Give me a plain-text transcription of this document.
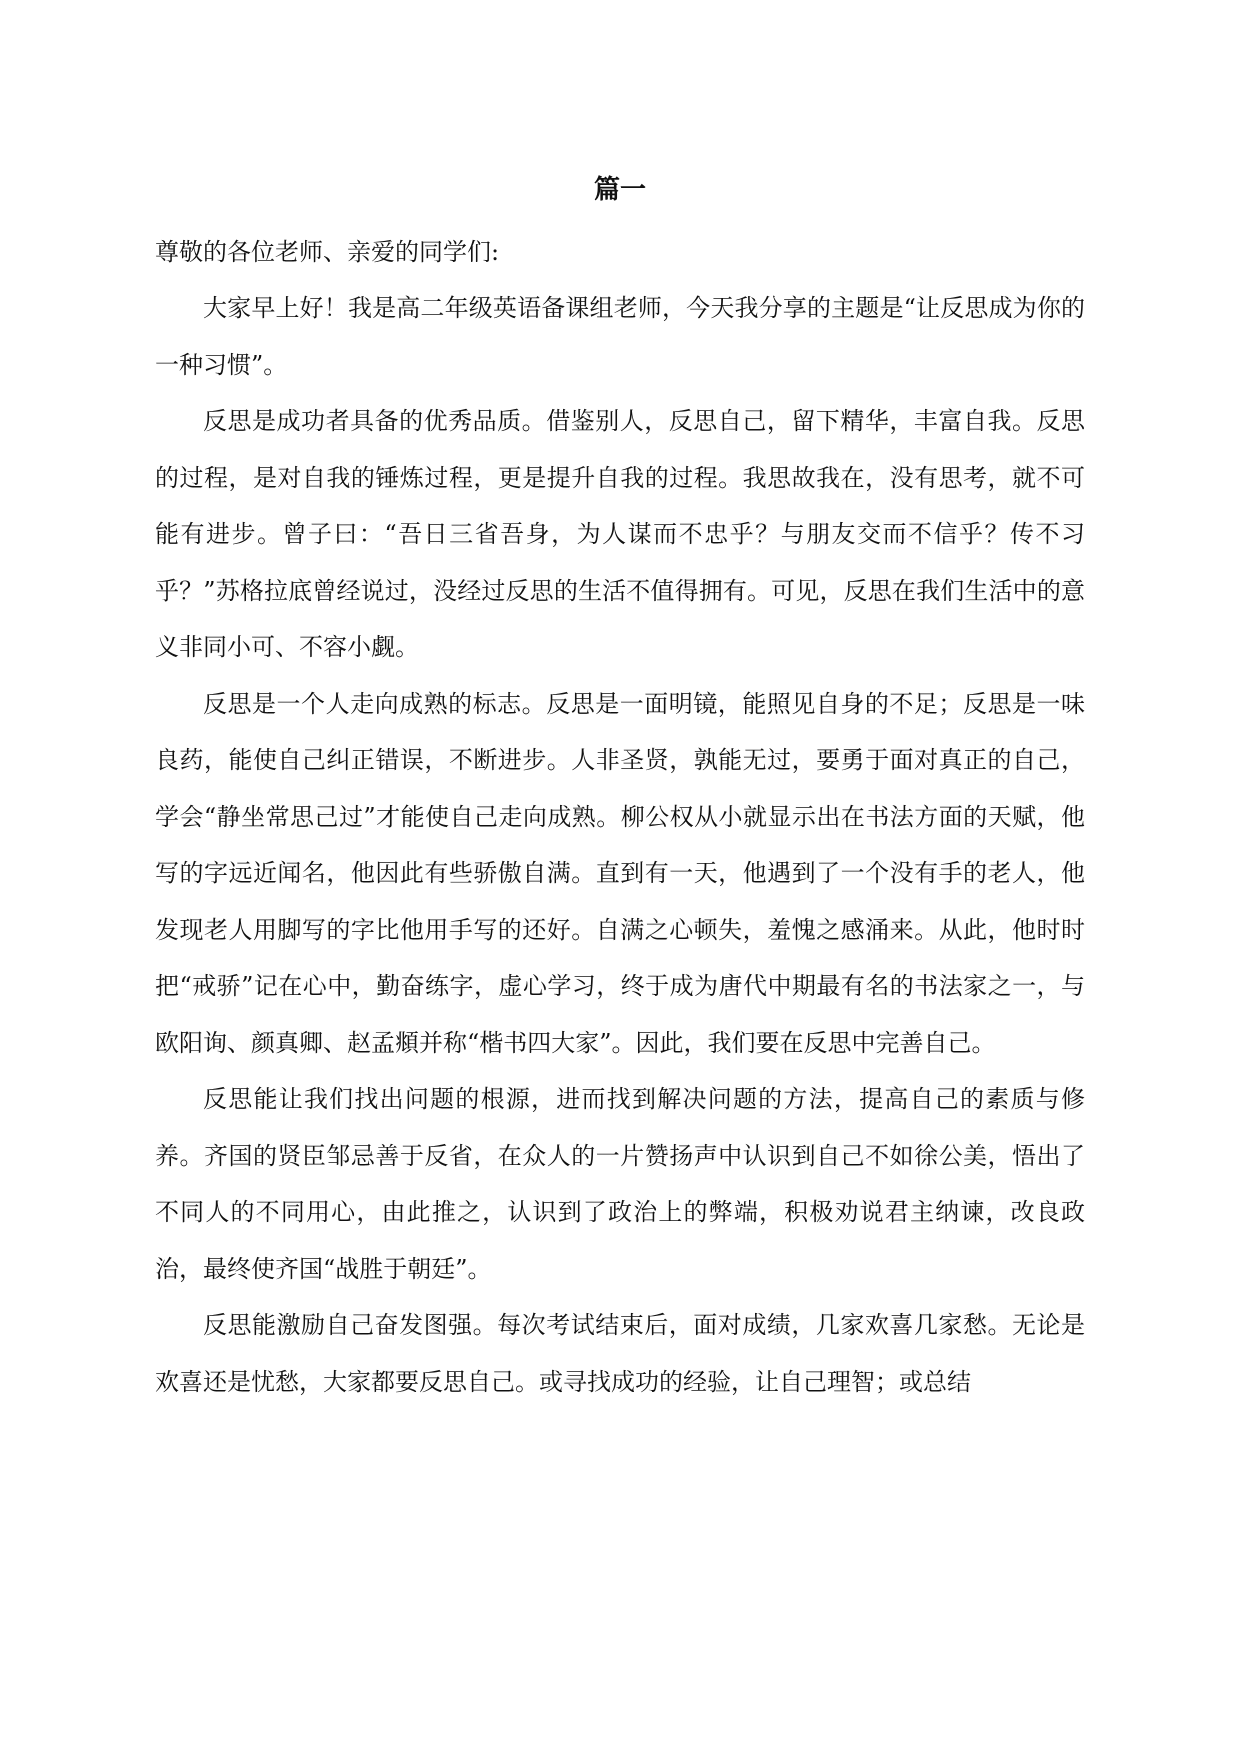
篇一

尊敬的各位老师、亲爱的同学们:

大家早上好！我是高二年级英语备课组老师，今天我分享的主题是“让反思成为你的一种习惯”。

反思是成功者具备的优秀品质。借鉴别人，反思自己，留下精华，丰富自我。反思的过程，是对自我的锤炼过程，更是提升自我的过程。我思故我在，没有思考，就不可能有进步。曾子曰：“吾日三省吾身，为人谋而不忠乎？与朋友交而不信乎？传不习乎？”苏格拉底曾经说过，没经过反思的生活不值得拥有。可见，反思在我们生活中的意义非同小可、不容小觑。

反思是一个人走向成熟的标志。反思是一面明镜，能照见自身的不足；反思是一味良药，能使自己纠正错误，不断进步。人非圣贤，孰能无过，要勇于面对真正的自己，学会“静坐常思己过”才能使自己走向成熟。柳公权从小就显示出在书法方面的天赋，他写的字远近闻名，他因此有些骄傲自满。直到有一天，他遇到了一个没有手的老人，他发现老人用脚写的字比他用手写的还好。自满之心顿失，羞愧之感涌来。从此，他时时把“戒骄”记在心中，勤奋练字，虚心学习，终于成为唐代中期最有名的书法家之一，与欧阳询、颜真卿、赵孟頫并称“楷书四大家”。因此，我们要在反思中完善自己。

反思能让我们找出问题的根源，进而找到解决问题的方法，提高自己的素质与修养。齐国的贤臣邹忌善于反省，在众人的一片赞扬声中认识到自己不如徐公美，悟出了不同人的不同用心，由此推之，认识到了政治上的弊端，积极劝说君主纳谏，改良政治，最终使齐国“战胜于朝廷”。

反思能激励自己奋发图强。每次考试结束后，面对成绩，几家欢喜几家愁。无论是欢喜还是忧愁，大家都要反思自己。或寻找成功的经验，让自己理智；或总结
